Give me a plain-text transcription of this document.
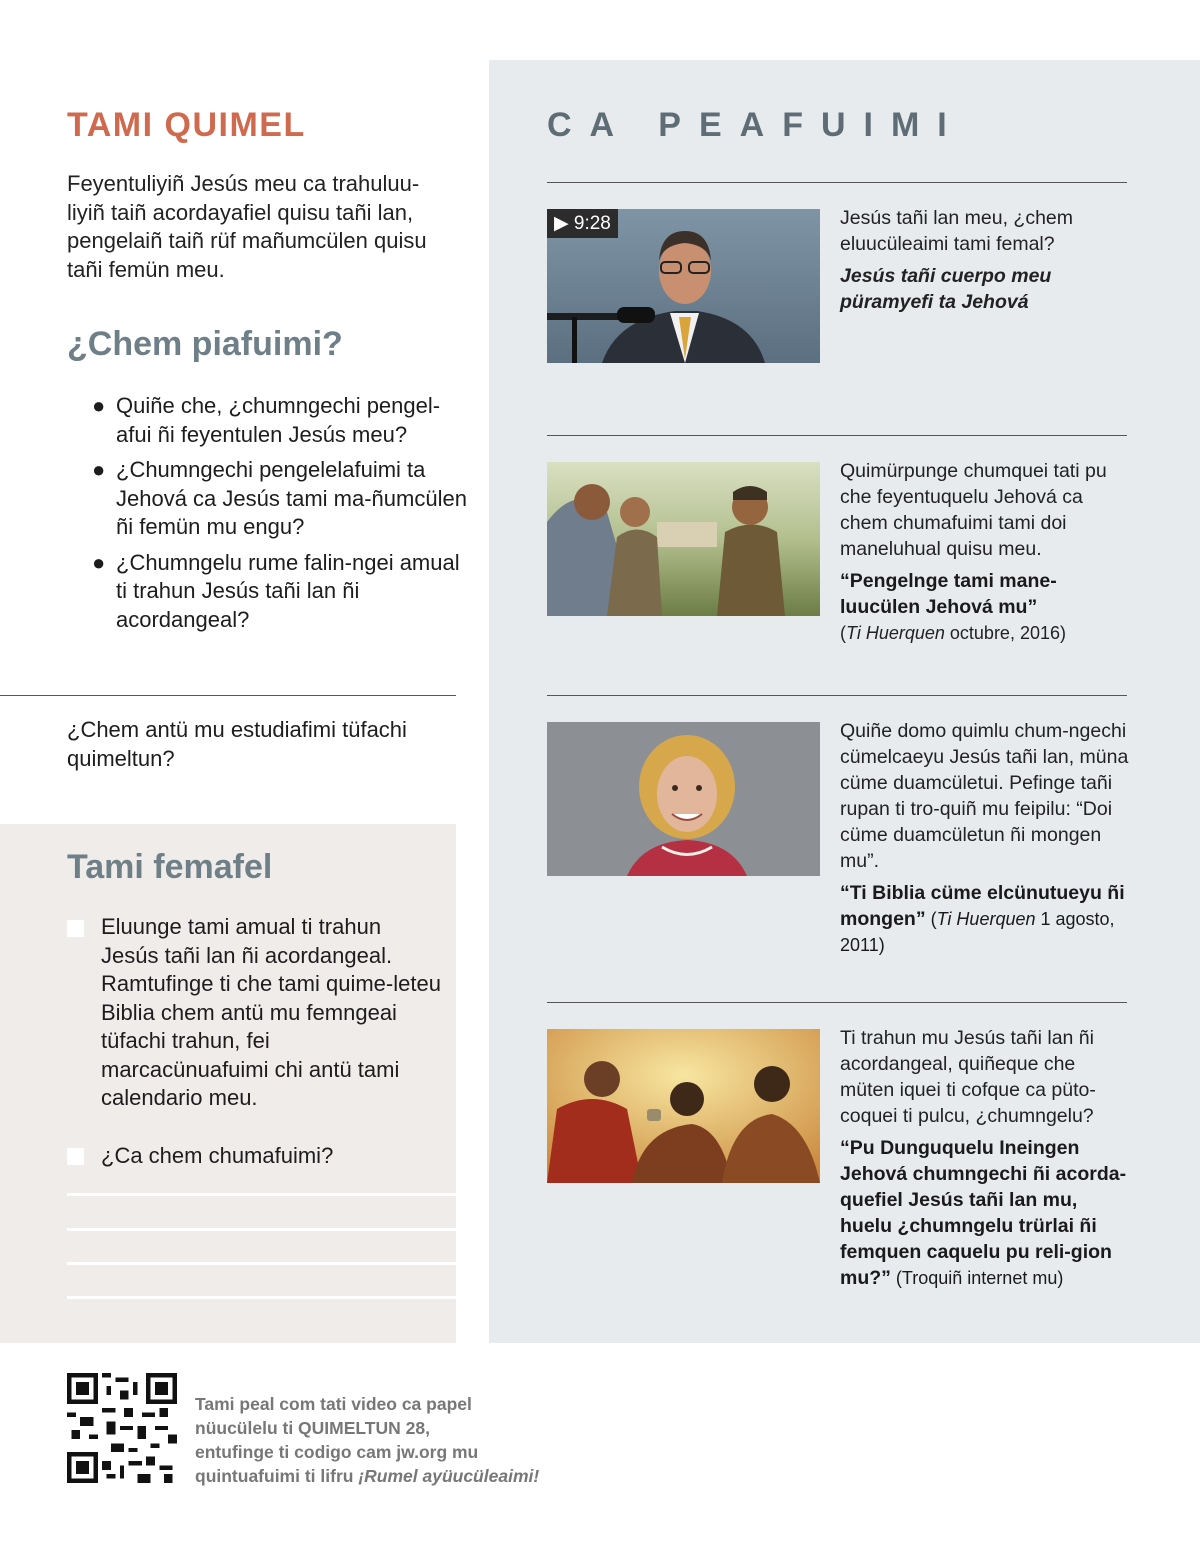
TAMI QUIMEL
Feyentuliyiñ Jesús meu ca trahuluu-liyiñ taiñ acordayafiel quisu tañi lan, pengelaiñ taiñ rüf mañumcülen quisu tañi femün meu.
¿Chem piafuimi?
● Quiñe che, ¿chumngechi pengel-afui ñi feyentulen Jesús meu?
● ¿Chumngechi pengelelafuimi ta Jehová ca Jesús tami ma-ñumcülen ñi femün mu engu?
● ¿Chumngelu rume falin-ngei amual ti trahun Jesús tañi lan ñi acordangeal?
¿Chem antü mu estudiafimi tüfachi quimeltun?
Tami femafel
Eluunge tami amual ti trahun Jesús tañi lan ñi acordangeal. Ramtufinge ti che tami quime-leteu Biblia chem antü mu femngeai tüfachi trahun, fei marcacünuafuimi chi antü tami calendario meu.
¿Ca chem chumafuimi?
CA PEAFUIMI
▶ 9:28	Jesús tañi lan meu, ¿chem eluucüleaimi tami femal?
Jesús tañi cuerpo meu püramyefi ta Jehová
Quimürpunge chumquei tati pu che feyentuquelu Jehová ca chem chumafuimi tami doi maneluhual quisu meu.
“Pengelnge tami mane-luucülen Jehová mu”
(Ti Huerquen octubre, 2016)
Quiñe domo quimlu chum-ngechi cümelcaeyu Jesús tañi lan, müna cüme duamcületui. Pefinge tañi rupan ti tro-quiñ mu feipilu: “Doi cüme duamcületun ñi mongen mu”.
“Ti Biblia cüme elcünutueyu ñi mongen” (Ti Huerquen 1 agosto, 2011)
Ti trahun mu Jesús tañi lan ñi acordangeal, quiñeque che müten iquei ti cofque ca püto-coquei ti pulcu, ¿chumngelu?
“Pu Dunguquelu Ineingen Jehová chumngechi ñi acorda-quefiel Jesús tañi lan mu, huelu ¿chumngelu trürlai ñi femquen caquelu pu reli-gion mu?” (Troquiñ internet mu)
Tami peal com tati video ca papel
nüucülelu ti QUIMELTUN 28,
entufinge ti codigo cam jw.org mu
quintuafuimi ti lifru ¡Rumel ayüucüleaimi!
